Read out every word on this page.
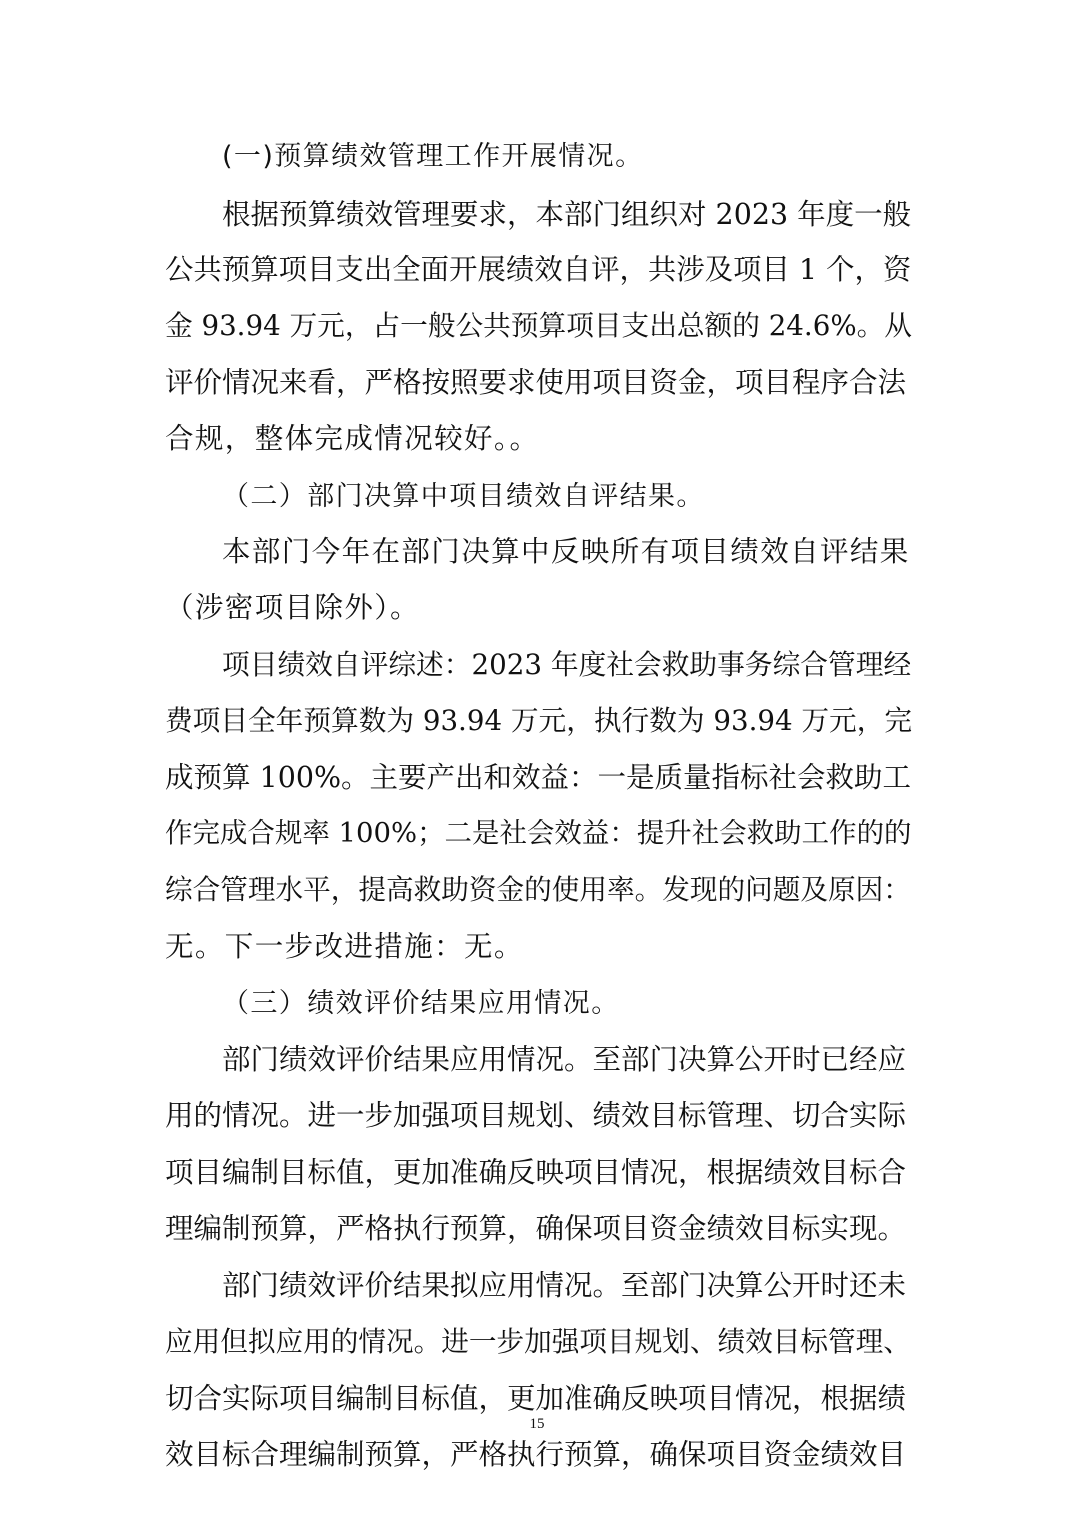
(一)预算绩效管理工作开展情况。
根据预算绩效管理要求，本部门组织对 2023 年度一般
公共预算项目支出全面开展绩效自评，共涉及项目 1 个，资
金 93.94 万元，占一般公共预算项目支出总额的 24.6%。从
评价情况来看，严格按照要求使用项目资金，项目程序合法
合规，整体完成情况较好。。
（二）部门决算中项目绩效自评结果。
本部门今年在部门决算中反映所有项目绩效自评结果
（涉密项目除外）。
项目绩效自评综述：2023 年度社会救助事务综合管理经
费项目全年预算数为 93.94 万元，执行数为 93.94 万元，完
成预算 100%。主要产出和效益：一是质量指标社会救助工
作完成合规率 100%；二是社会效益：提升社会救助工作的的
综合管理水平，提高救助资金的使用率。发现的问题及原因：
无。下一步改进措施：无。
（三）绩效评价结果应用情况。
部门绩效评价结果应用情况。至部门决算公开时已经应
用的情况。进一步加强项目规划、绩效目标管理、切合实际
项目编制目标值，更加准确反映项目情况，根据绩效目标合
理编制预算，严格执行预算，确保项目资金绩效目标实现。
部门绩效评价结果拟应用情况。至部门决算公开时还未
应用但拟应用的情况。进一步加强项目规划、绩效目标管理、
切合实际项目编制目标值，更加准确反映项目情况，根据绩
效目标合理编制预算，严格执行预算，确保项目资金绩效目
15
